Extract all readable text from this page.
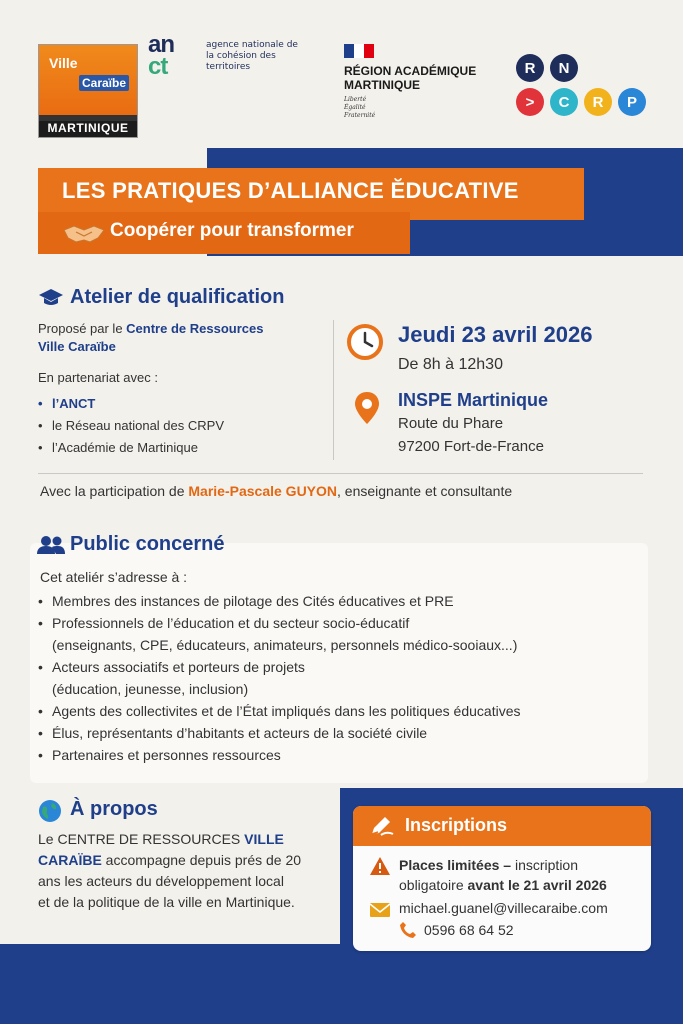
Ville
Caraïbe
MARTINIQUE
an
ct
agence nationale de la cohésion des territoires	RÉGION ACADÉMIQUE MARTINIQUE
Liberté
Égalité
Fraternité
R	N
>	C	R	P
LES PRATIQUES D’ALLIANCE ĔDUCATIVE
Coopérer pour transformer
Atelier de qualification
Proposé par le Centre de Ressources
Ville Caraïbe
En partenariat avec :
• l’ANCT
• le Réseau national des CRPV
• l’Académie de Martinique
Jeudi 23 avril 2026
De 8h à 12h30
INSPE Martinique
Route du Phare
97200 Fort-de-France
Avec la participation de Marie-Pascale GUYON, enseignante et consultante
Public concerné
Cet ateliér s’adresse à :
• Membres des instances de pilotage des Cités éducatives et PRE
• Professionnels de l’éducation et du secteur socio-éducatif
(enseignants, CPE, éducateurs, animateurs, personnels médico-sooiaux...)
• Acteurs associatifs et porteurs de projets
(éducation, jeunesse, inclusion)
• Agents des collectivites et de l’État impliqués dans les politiques éducatives
• Élus, représentants d’habitants et acteurs de la société civile
• Partenaires et personnes ressources
À propos
Le CENTRE DE RESSOURCES VILLE
CARAÏBE accompagne depuis prés de 20
ans les acteurs du développement local
et de la politique de la ville en Martinique.
Inscriptions
Places limitées – inscription
obligatoire avant le 21 avril 2026
michael.guanel@villecaraibe.com
0596 68 64 52
